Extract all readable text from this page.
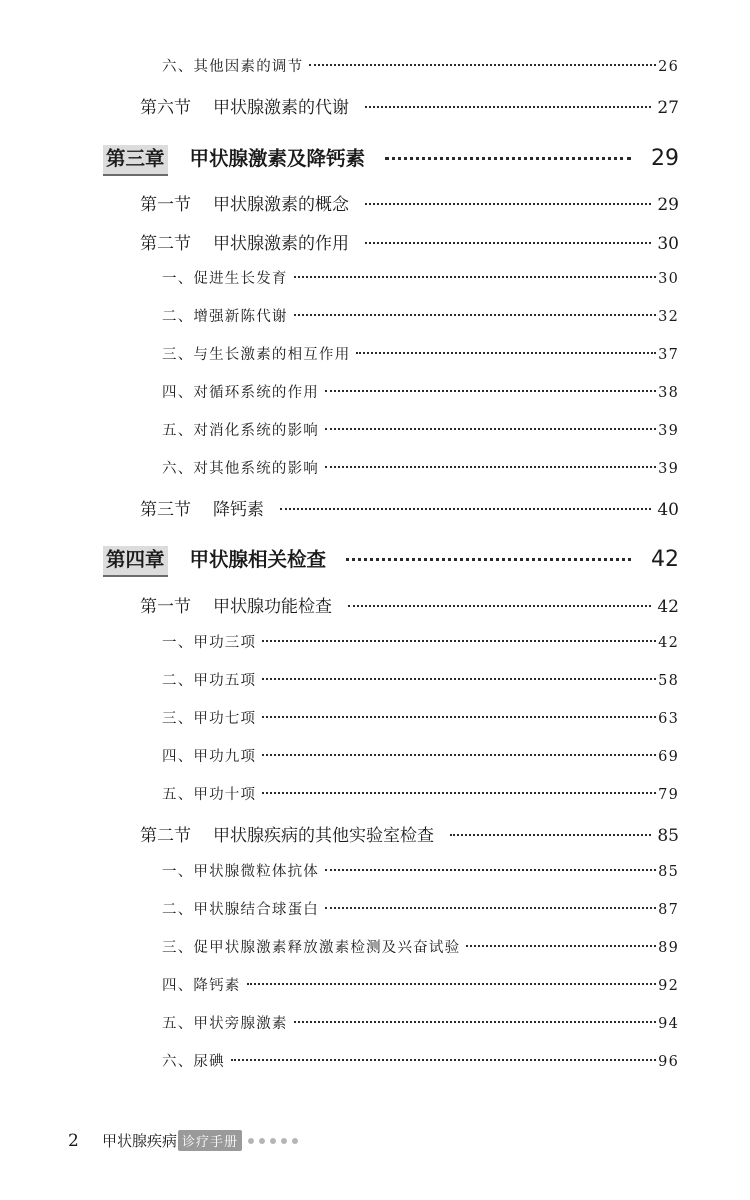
六、其他因素的调节	26
第六节 甲状腺激素的代谢	27
第三章 甲状腺激素及降钙素	29
第一节 甲状腺激素的概念	29
第二节 甲状腺激素的作用	30
一、促进生长发育	30
二、增强新陈代谢	32
三、与生长激素的相互作用	37
四、对循环系统的作用	38
五、对消化系统的影响	39
六、对其他系统的影响	39
第三节 降钙素	40
第四章 甲状腺相关检查	42
第一节 甲状腺功能检查	42
一、甲功三项	42
二、甲功五项	58
三、甲功七项	63
四、甲功九项	69
五、甲功十项	79
第二节 甲状腺疾病的其他实验室检查	85
一、甲状腺微粒体抗体	85
二、甲状腺结合球蛋白	87
三、促甲状腺激素释放激素检测及兴奋试验	89
四、降钙素	92
五、甲状旁腺激素	94
六、尿碘	96
2	甲状腺疾病 诊疗手册
